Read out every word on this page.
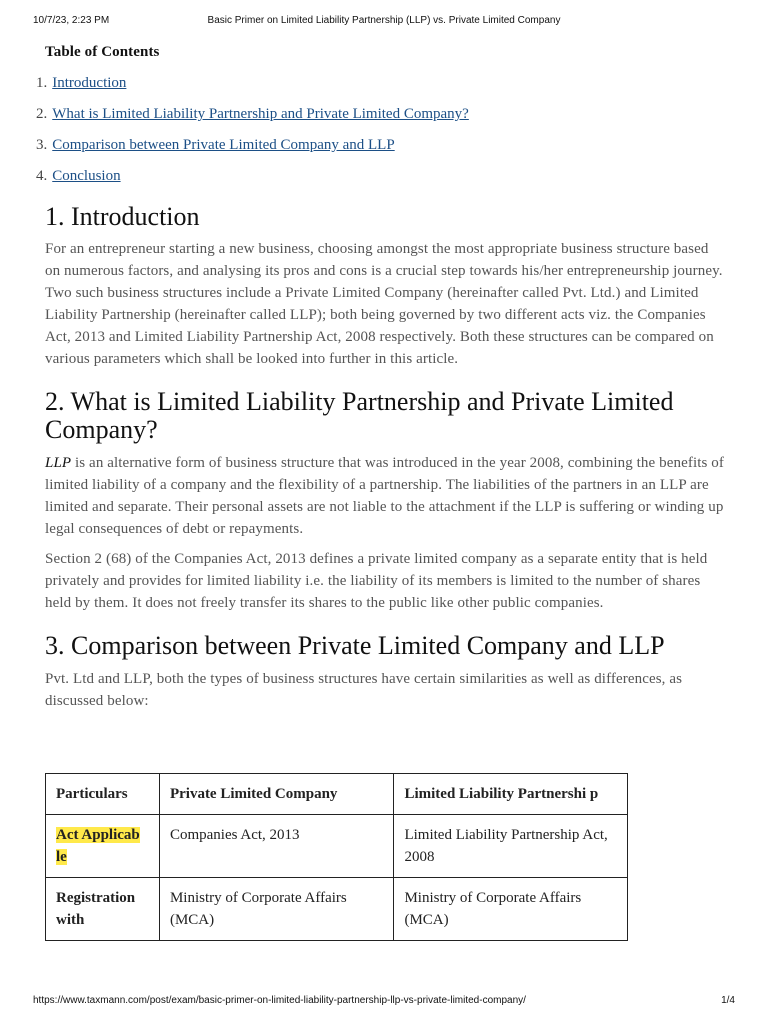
10/7/23, 2:23 PM	Basic Primer on Limited Liability Partnership (LLP) vs. Private Limited Company

Table of Contents

1. Introduction
2. What is Limited Liability Partnership and Private Limited Company?
3. Comparison between Private Limited Company and LLP
4. Conclusion
1. Introduction

For an entrepreneur starting a new business, choosing amongst the most appropriate business structure based on numerous factors, and analysing its pros and cons is a crucial step towards his/her entrepreneurship journey. Two such business structures include a Private Limited Company (hereinafter called Pvt. Ltd.) and Limited Liability Partnership (hereinafter called LLP); both being governed by two different acts viz. the Companies Act, 2013 and Limited Liability Partnership Act, 2008 respectively. Both these structures can be compared on various parameters which shall be looked into further in this article.

2. What is Limited Liability Partnership and Private Limited Company?

LLP is an alternative form of business structure that was introduced in the year 2008, combining the benefits of limited liability of a company and the flexibility of a partnership. The liabilities of the partners in an LLP are limited and separate. Their personal assets are not liable to the attachment if the LLP is suffering or winding up legal consequences of debt or repayments.

Section 2 (68) of the Companies Act, 2013 defines a private limited company as a separate entity that is held privately and provides for limited liability i.e. the liability of its members is limited to the number of shares held by them. It does not freely transfer its shares to the public like other public companies.

3. Comparison between Private Limited Company and LLP

Pvt. Ltd and LLP, both the types of business structures have certain similarities as well as differences, as discussed below:

Particulars	Private Limited Company	Limited Liability Partnershi p
Act Applicab le	Companies Act, 2013	Limited Liability Partnership Act, 2008
Registration with	Ministry of Corporate Affairs (MCA)	Ministry of Corporate Affairs (MCA)
https://www.taxmann.com/post/exam/basic-primer-on-limited-liability-partnership-llp-vs-private-limited-company/	1/4
